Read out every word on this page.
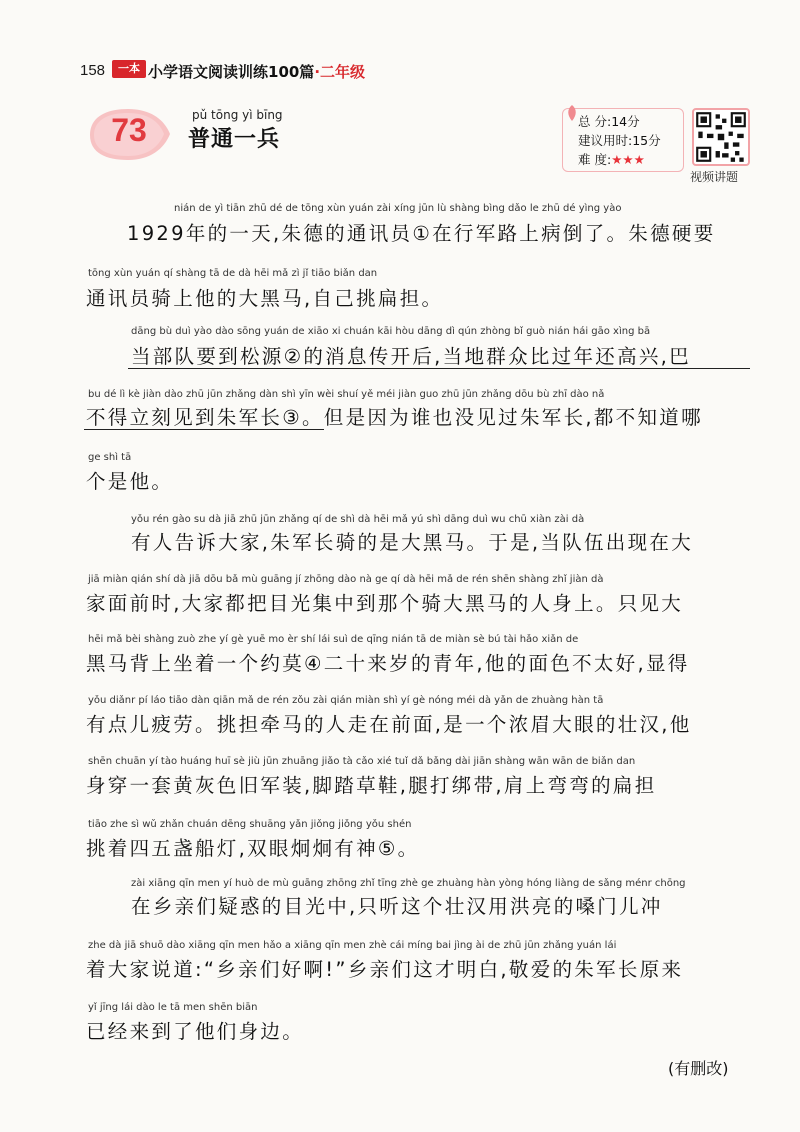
158	一本 小学语文阅读训练100篇·二年级
73	pǔ tōng yì bīng
普通一兵
总 分:14分
建议用时:15分
难 度:★★★
视频讲题
nián de yì tiān zhū dé de tōng xùn yuán zài xíng jūn lù shàng bìng dǎo le zhū dé yìng yào
1929年的一天,朱德的通讯员①在行军路上病倒了。朱德硬要
tōng xùn yuán qí shàng tā de dà hēi mǎ zì jǐ tiāo biǎn dan
通讯员骑上他的大黑马,自己挑扁担。
dāng bù duì yào dào sōng yuán de xiāo xi chuán kāi hòu dāng dì qún zhòng bǐ guò nián hái gāo xìng bā
当部队要到松源②的消息传开后,当地群众比过年还高兴,巴
bu dé lì kè jiàn dào zhū jūn zhǎng dàn shì yīn wèi shuí yě méi jiàn guo zhū jūn zhǎng dōu bù zhī dào nǎ
不得立刻见到朱军长③。但是因为谁也没见过朱军长,都不知道哪
ge shì tā
个是他。
yǒu rén gào su dà jiā zhū jūn zhǎng qí de shì dà hēi mǎ yú shì dāng duì wu chū xiàn zài dà
有人告诉大家,朱军长骑的是大黑马。于是,当队伍出现在大
jiā miàn qián shí dà jiā dōu bǎ mù guāng jí zhōng dào nà ge qí dà hēi mǎ de rén shēn shàng zhǐ jiàn dà
家面前时,大家都把目光集中到那个骑大黑马的人身上。只见大
hēi mǎ bèi shàng zuò zhe yí gè yuē mo èr shí lái suì de qīng nián tā de miàn sè bú tài hǎo xiǎn de
黑马背上坐着一个约莫④二十来岁的青年,他的面色不太好,显得
yǒu diǎnr pí láo tiāo dàn qiān mǎ de rén zǒu zài qián miàn shì yí gè nóng méi dà yǎn de zhuàng hàn tā
有点儿疲劳。挑担牵马的人走在前面,是一个浓眉大眼的壮汉,他
shēn chuān yí tào huáng huī sè jiù jūn zhuāng jiǎo tà cǎo xié tuǐ dǎ bǎng dài jiān shàng wān wān de biǎn dan
身穿一套黄灰色旧军装,脚踏草鞋,腿打绑带,肩上弯弯的扁担
tiāo zhe sì wǔ zhǎn chuán dēng shuāng yǎn jiǒng jiǒng yǒu shén
挑着四五盏船灯,双眼炯炯有神⑤。
zài xiāng qīn men yí huò de mù guāng zhōng zhǐ tīng zhè ge zhuàng hàn yòng hóng liàng de sǎng ménr chōng
在乡亲们疑惑的目光中,只听这个壮汉用洪亮的嗓门儿冲
zhe dà jiā shuō dào xiāng qīn men hǎo a xiāng qīn men zhè cái míng bai jìng ài de zhū jūn zhǎng yuán lái
着大家说道:“乡亲们好啊!”乡亲们这才明白,敬爱的朱军长原来
yǐ jīng lái dào le tā men shēn biān
已经来到了他们身边。
(有删改)
